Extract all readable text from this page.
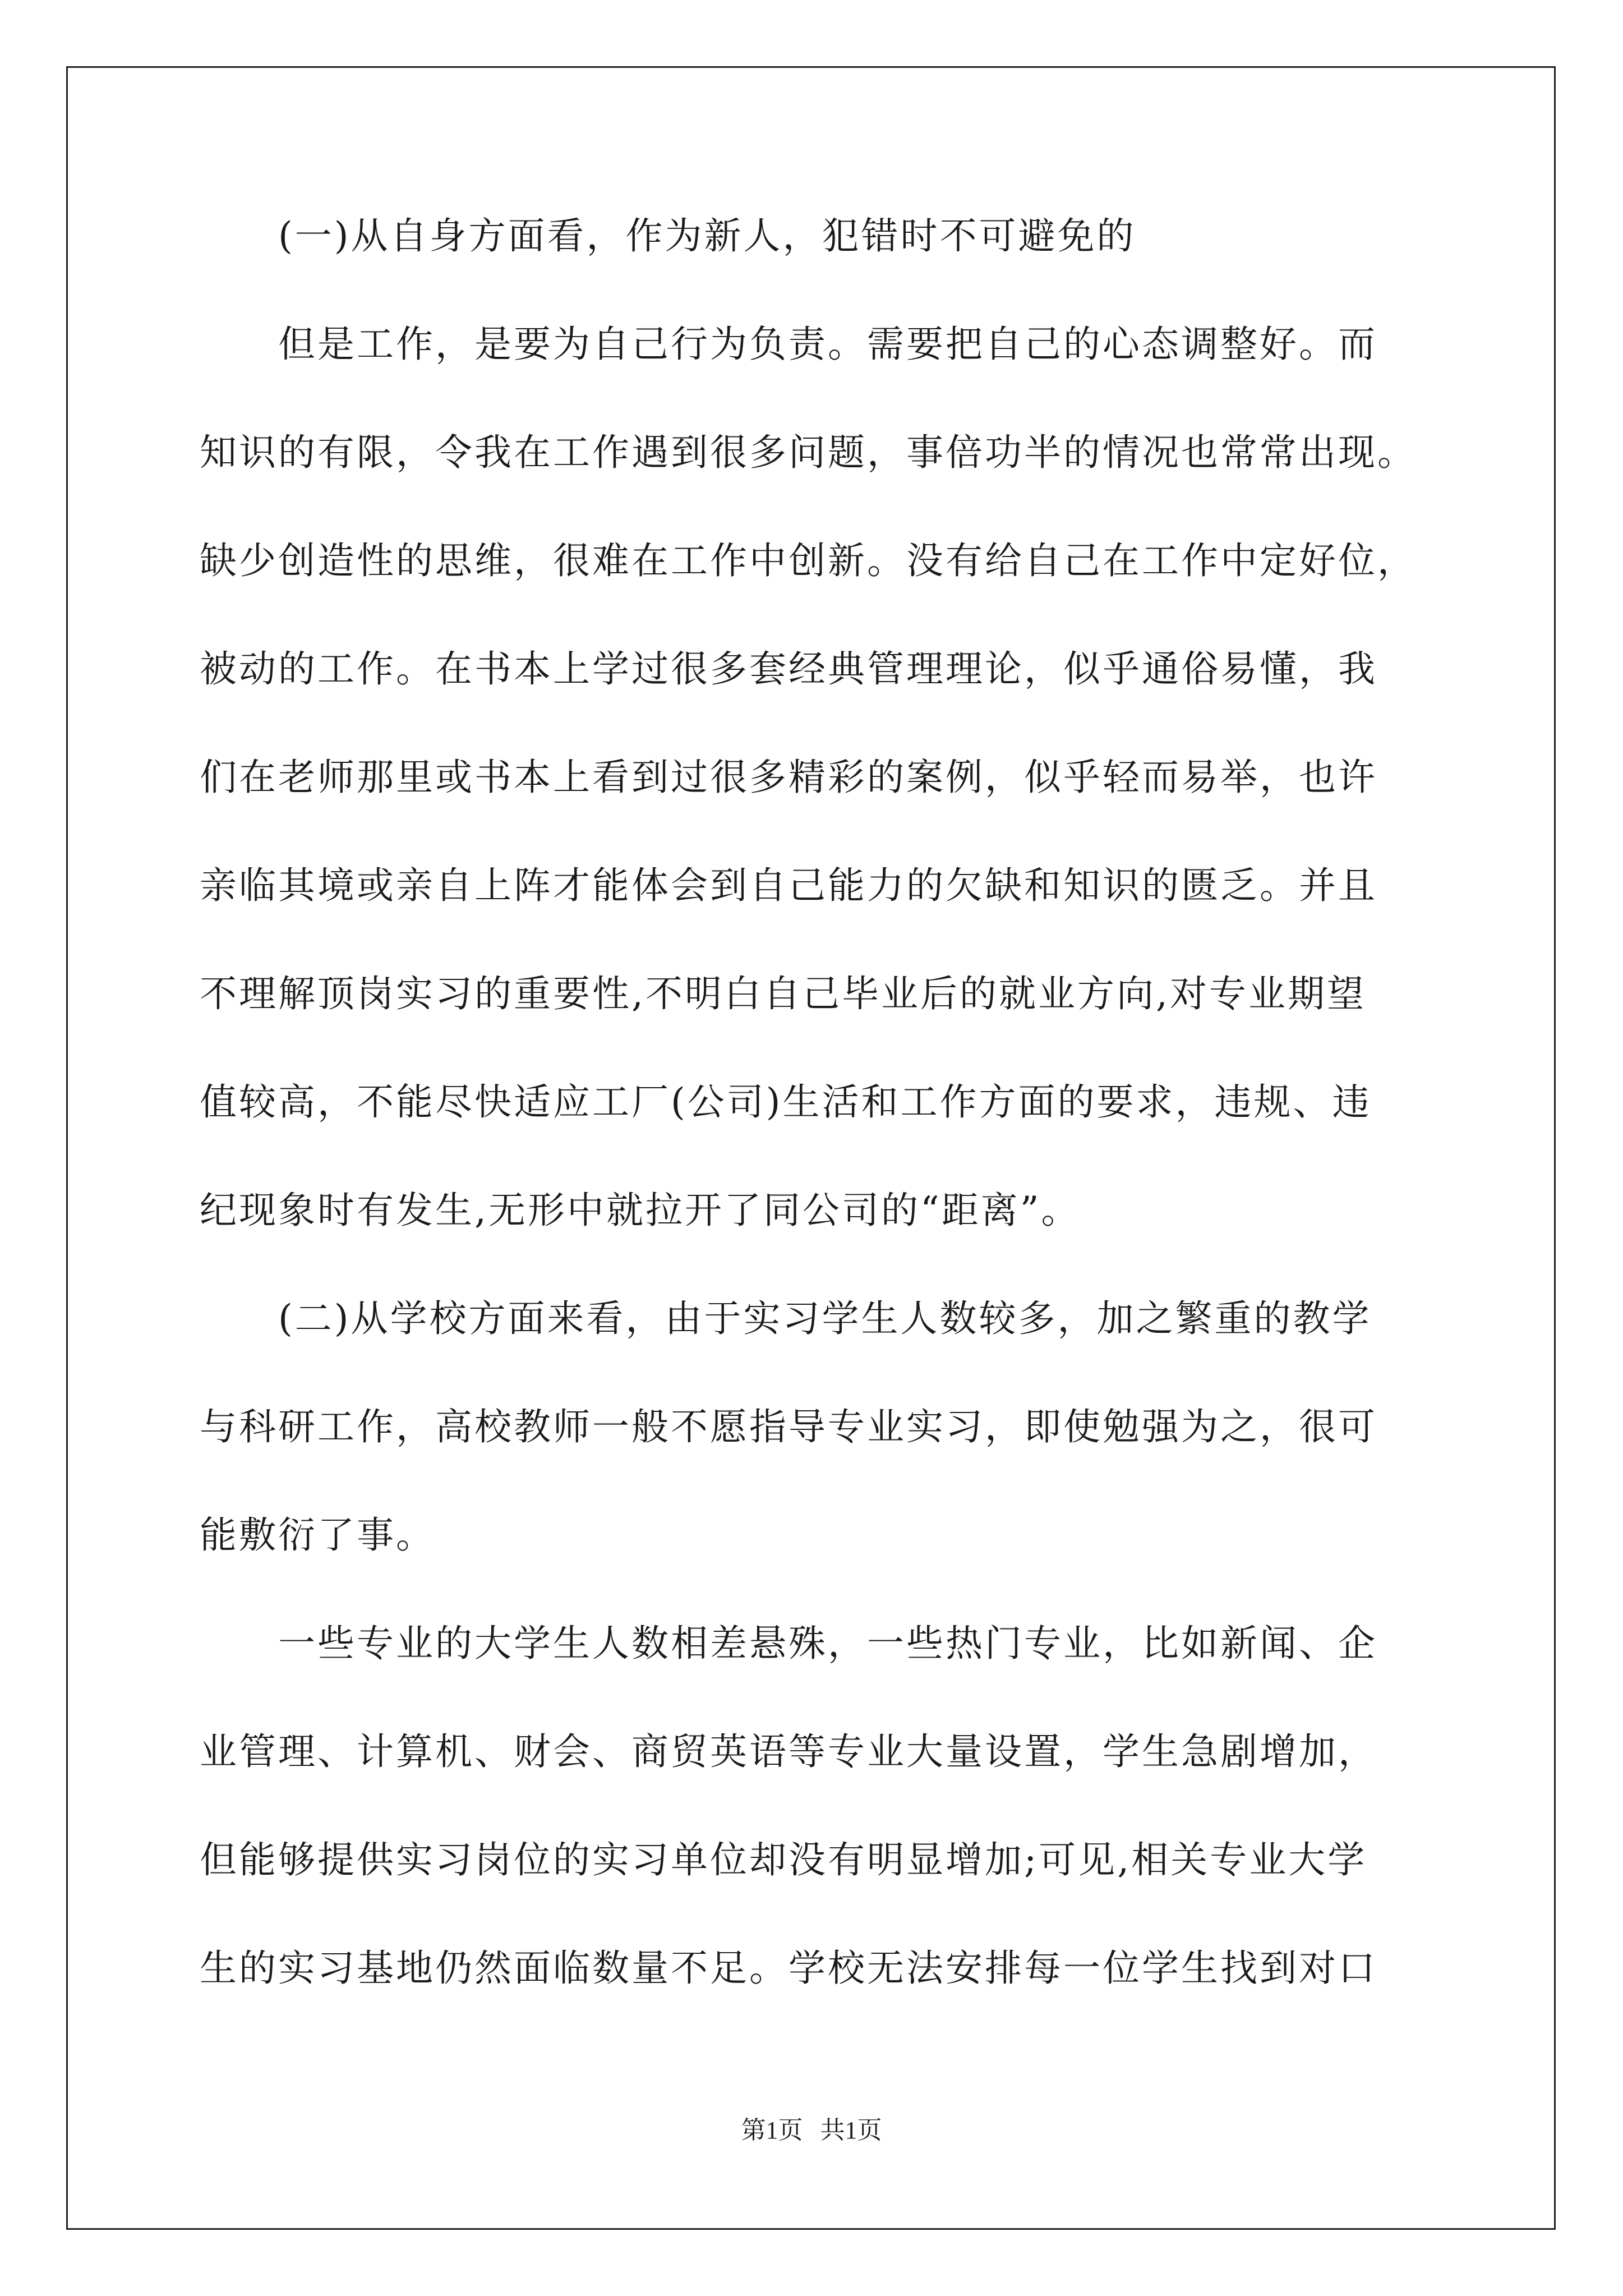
(一)从自身方面看，作为新人，犯错时不可避免的
但是工作，是要为自己行为负责。需要把自己的心态调整好。而
知识的有限，令我在工作遇到很多问题，事倍功半的情况也常常出现。
缺少创造性的思维，很难在工作中创新。没有给自己在工作中定好位，
被动的工作。在书本上学过很多套经典管理理论，似乎通俗易懂，我
们在老师那里或书本上看到过很多精彩的案例，似乎轻而易举，也许
亲临其境或亲自上阵才能体会到自己能力的欠缺和知识的匮乏。并且
不理解顶岗实习的重要性,不明白自己毕业后的就业方向,对专业期望
值较高，不能尽快适应工厂(公司)生活和工作方面的要求，违规、违
纪现象时有发生,无形中就拉开了同公司的“距离”。
(二)从学校方面来看，由于实习学生人数较多，加之繁重的教学
与科研工作，高校教师一般不愿指导专业实习，即使勉强为之，很可
能敷衍了事。
一些专业的大学生人数相差悬殊，一些热门专业，比如新闻、企
业管理、计算机、财会、商贸英语等专业大量设置，学生急剧增加，
但能够提供实习岗位的实习单位却没有明显增加;可见,相关专业大学
生的实习基地仍然面临数量不足。学校无法安排每一位学生找到对口
第1页 共1页
